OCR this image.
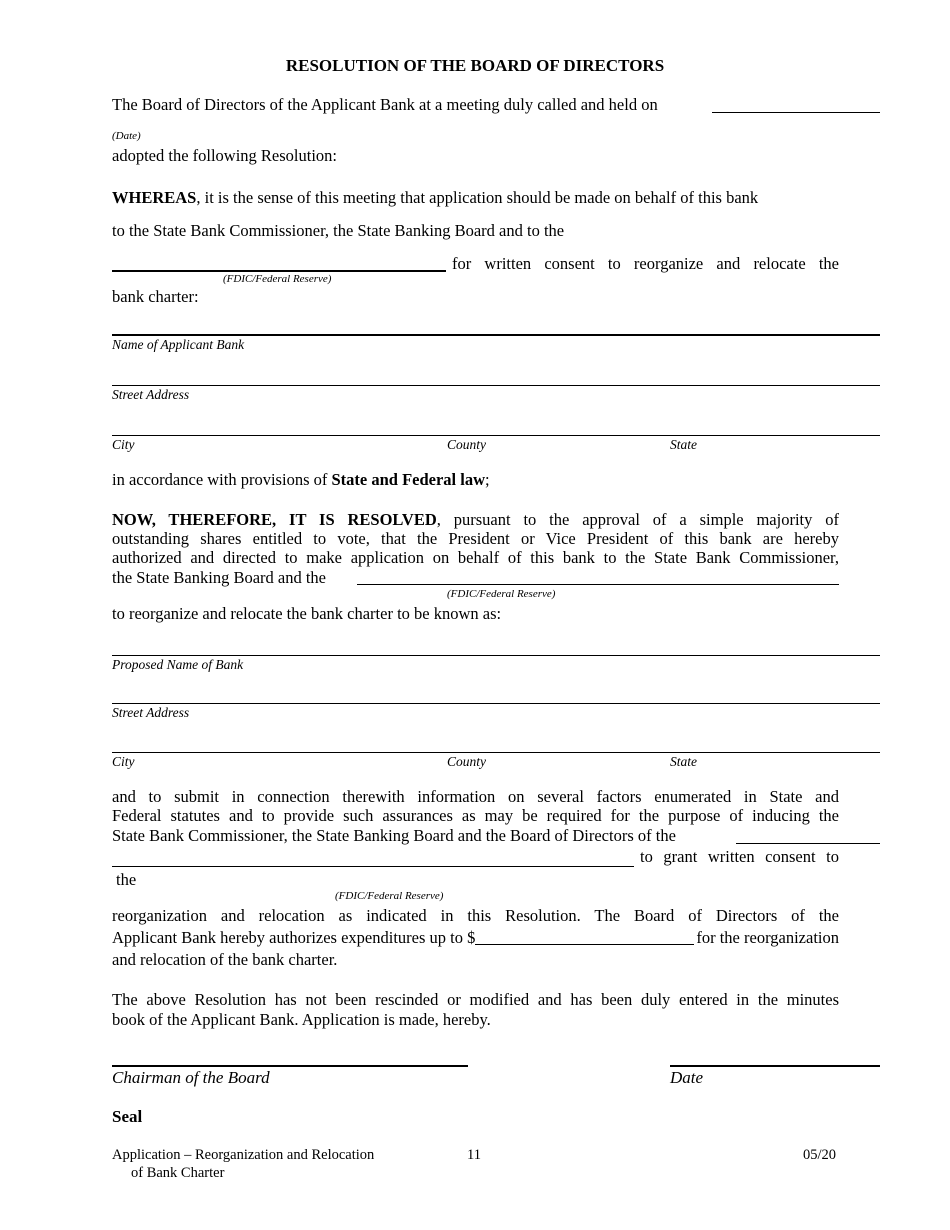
RESOLUTION OF THE BOARD OF DIRECTORS
The Board of Directors of the Applicant Bank at a meeting duly called and held on
(Date)
adopted the following Resolution:
WHEREAS, it is the sense of this meeting that application should be made on behalf of this bank
to the State Bank Commissioner, the State Banking Board and to the
for written consent to reorganize and relocate the
(FDIC/Federal Reserve)
bank charter:
Name of Applicant Bank
Street Address
City	County	State
in accordance with provisions of State and Federal law;
NOW, THEREFORE, IT IS RESOLVED, pursuant to the approval of a simple majority of
outstanding shares entitled to vote, that the President or Vice President of this bank are hereby
authorized and directed to make application on behalf of this bank to the State Bank Commissioner,
the State Banking Board and the
(FDIC/Federal Reserve)
to reorganize and relocate the bank charter to be known as:
Proposed Name of Bank
Street Address
City	County	State
and to submit in connection therewith information on several factors enumerated in State and
Federal statutes and to provide such assurances as may be required for the purpose of inducing the
State Bank Commissioner, the State Banking Board and the Board of Directors of the
to grant written consent to
the
(FDIC/Federal Reserve)
reorganization and relocation as indicated in this Resolution. The Board of Directors of the
Applicant Bank hereby authorizes expenditures up to $	for the reorganization
and relocation of the bank charter.
The above Resolution has not been rescinded or modified and has been duly entered in the minutes
book of the Applicant Bank. Application is made, hereby.
Chairman of the Board	Date
Seal
Application – Reorganization and Relocation
of Bank Charter
11	05/20
